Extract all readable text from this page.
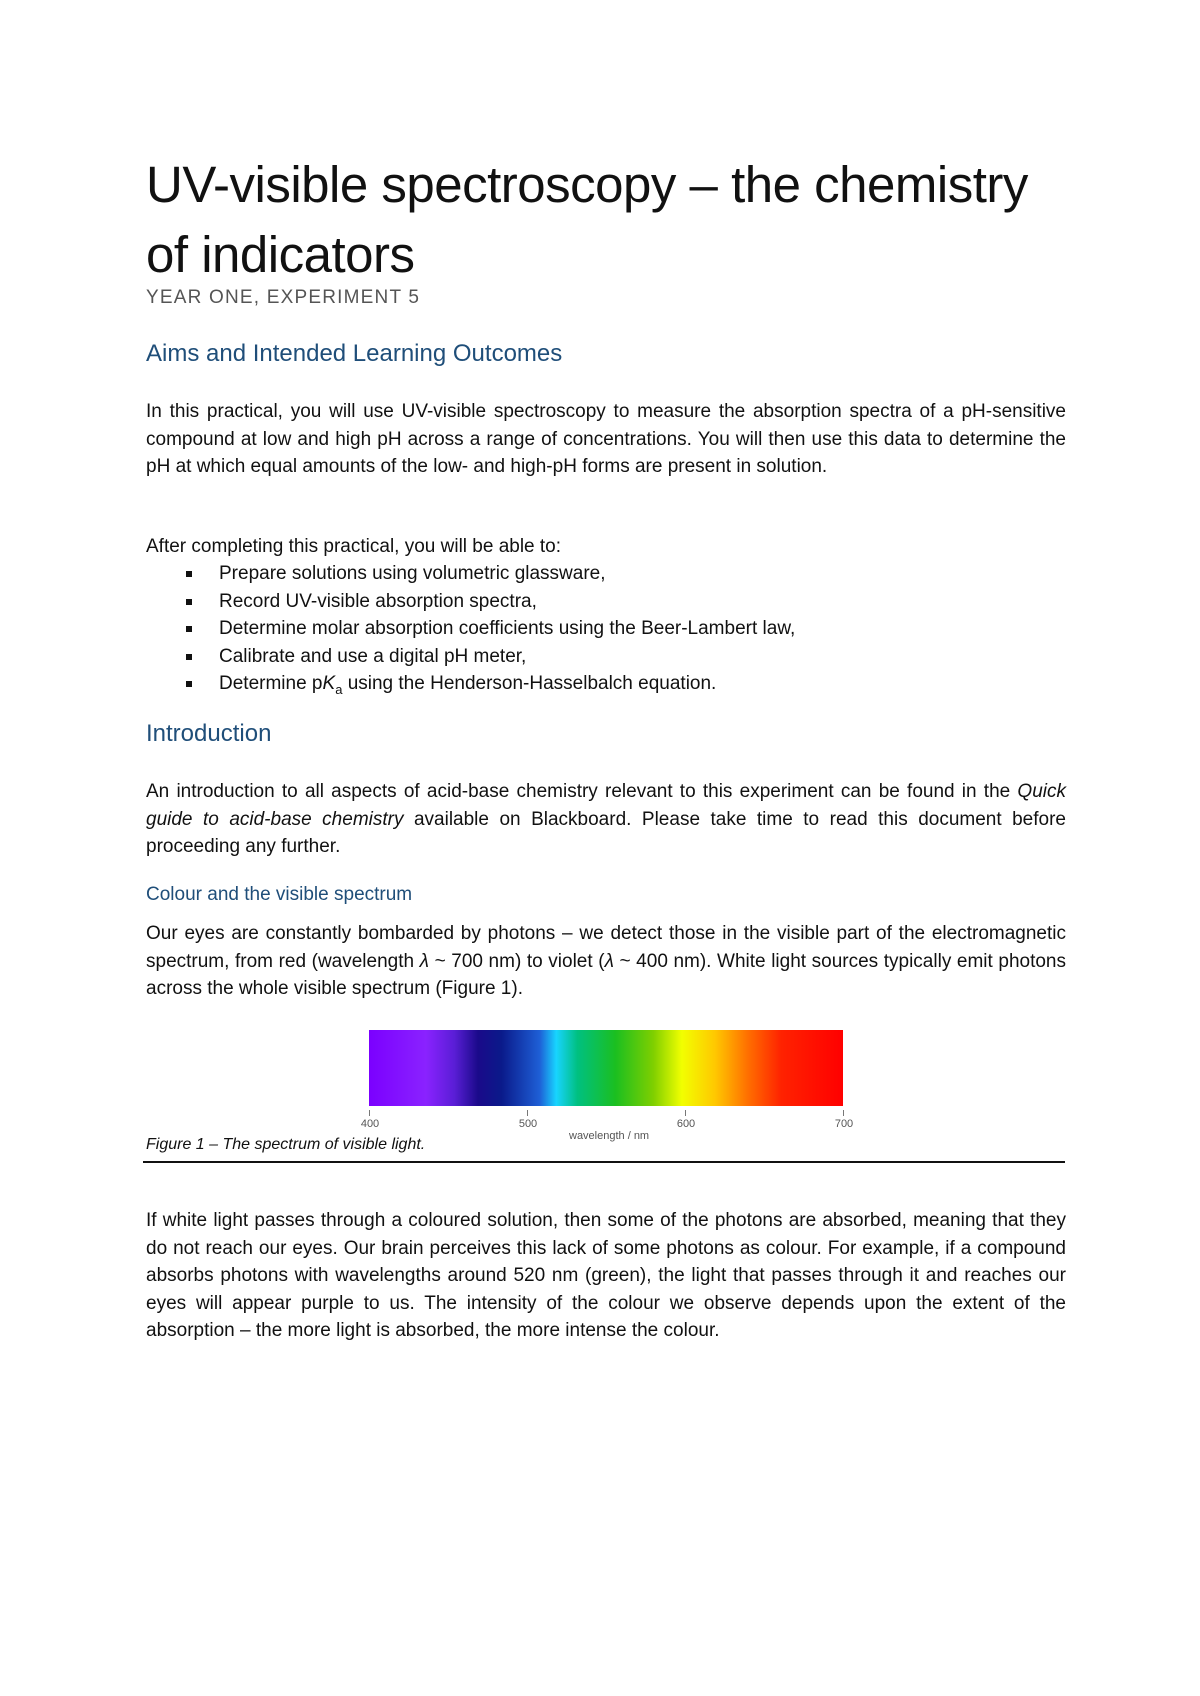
UV-visible spectroscopy – the chemistry of indicators

YEAR ONE, EXPERIMENT 5

Aims and Intended Learning Outcomes

In this practical, you will use UV-visible spectroscopy to measure the absorption spectra of a pH-sensitive compound at low and high pH across a range of concentrations. You will then use this data to determine the pH at which equal amounts of the low- and high-pH forms are present in solution.

After completing this practical, you will be able to:

Prepare solutions using volumetric glassware,
Record UV-visible absorption spectra,
Determine molar absorption coefficients using the Beer-Lambert law,
Calibrate and use a digital pH meter,
Determine $pK_a$ using the Henderson-Hasselbalch equation.
Introduction

An introduction to all aspects of acid-base chemistry relevant to this experiment can be found in the Quick guide to acid-base chemistry available on Blackboard. Please take time to read this document before proceeding any further.

Colour and the visible spectrum

Our eyes are constantly bombarded by photons – we detect those in the visible part of the electromagnetic spectrum, from red (wavelength λ ~ 700 nm) to violet (λ ~ 400 nm). White light sources typically emit photons across the whole visible spectrum (Figure 1).

400	500	600	700
wavelength / nm

Figure 1 – The spectrum of visible light.

If white light passes through a coloured solution, then some of the photons are absorbed, meaning that they do not reach our eyes. Our brain perceives this lack of some photons as colour. For example, if a compound absorbs photons with wavelengths around 520 nm (green), the light that passes through it and reaches our eyes will appear purple to us. The intensity of the colour we observe depends upon the extent of the absorption – the more light is absorbed, the more intense the colour.
